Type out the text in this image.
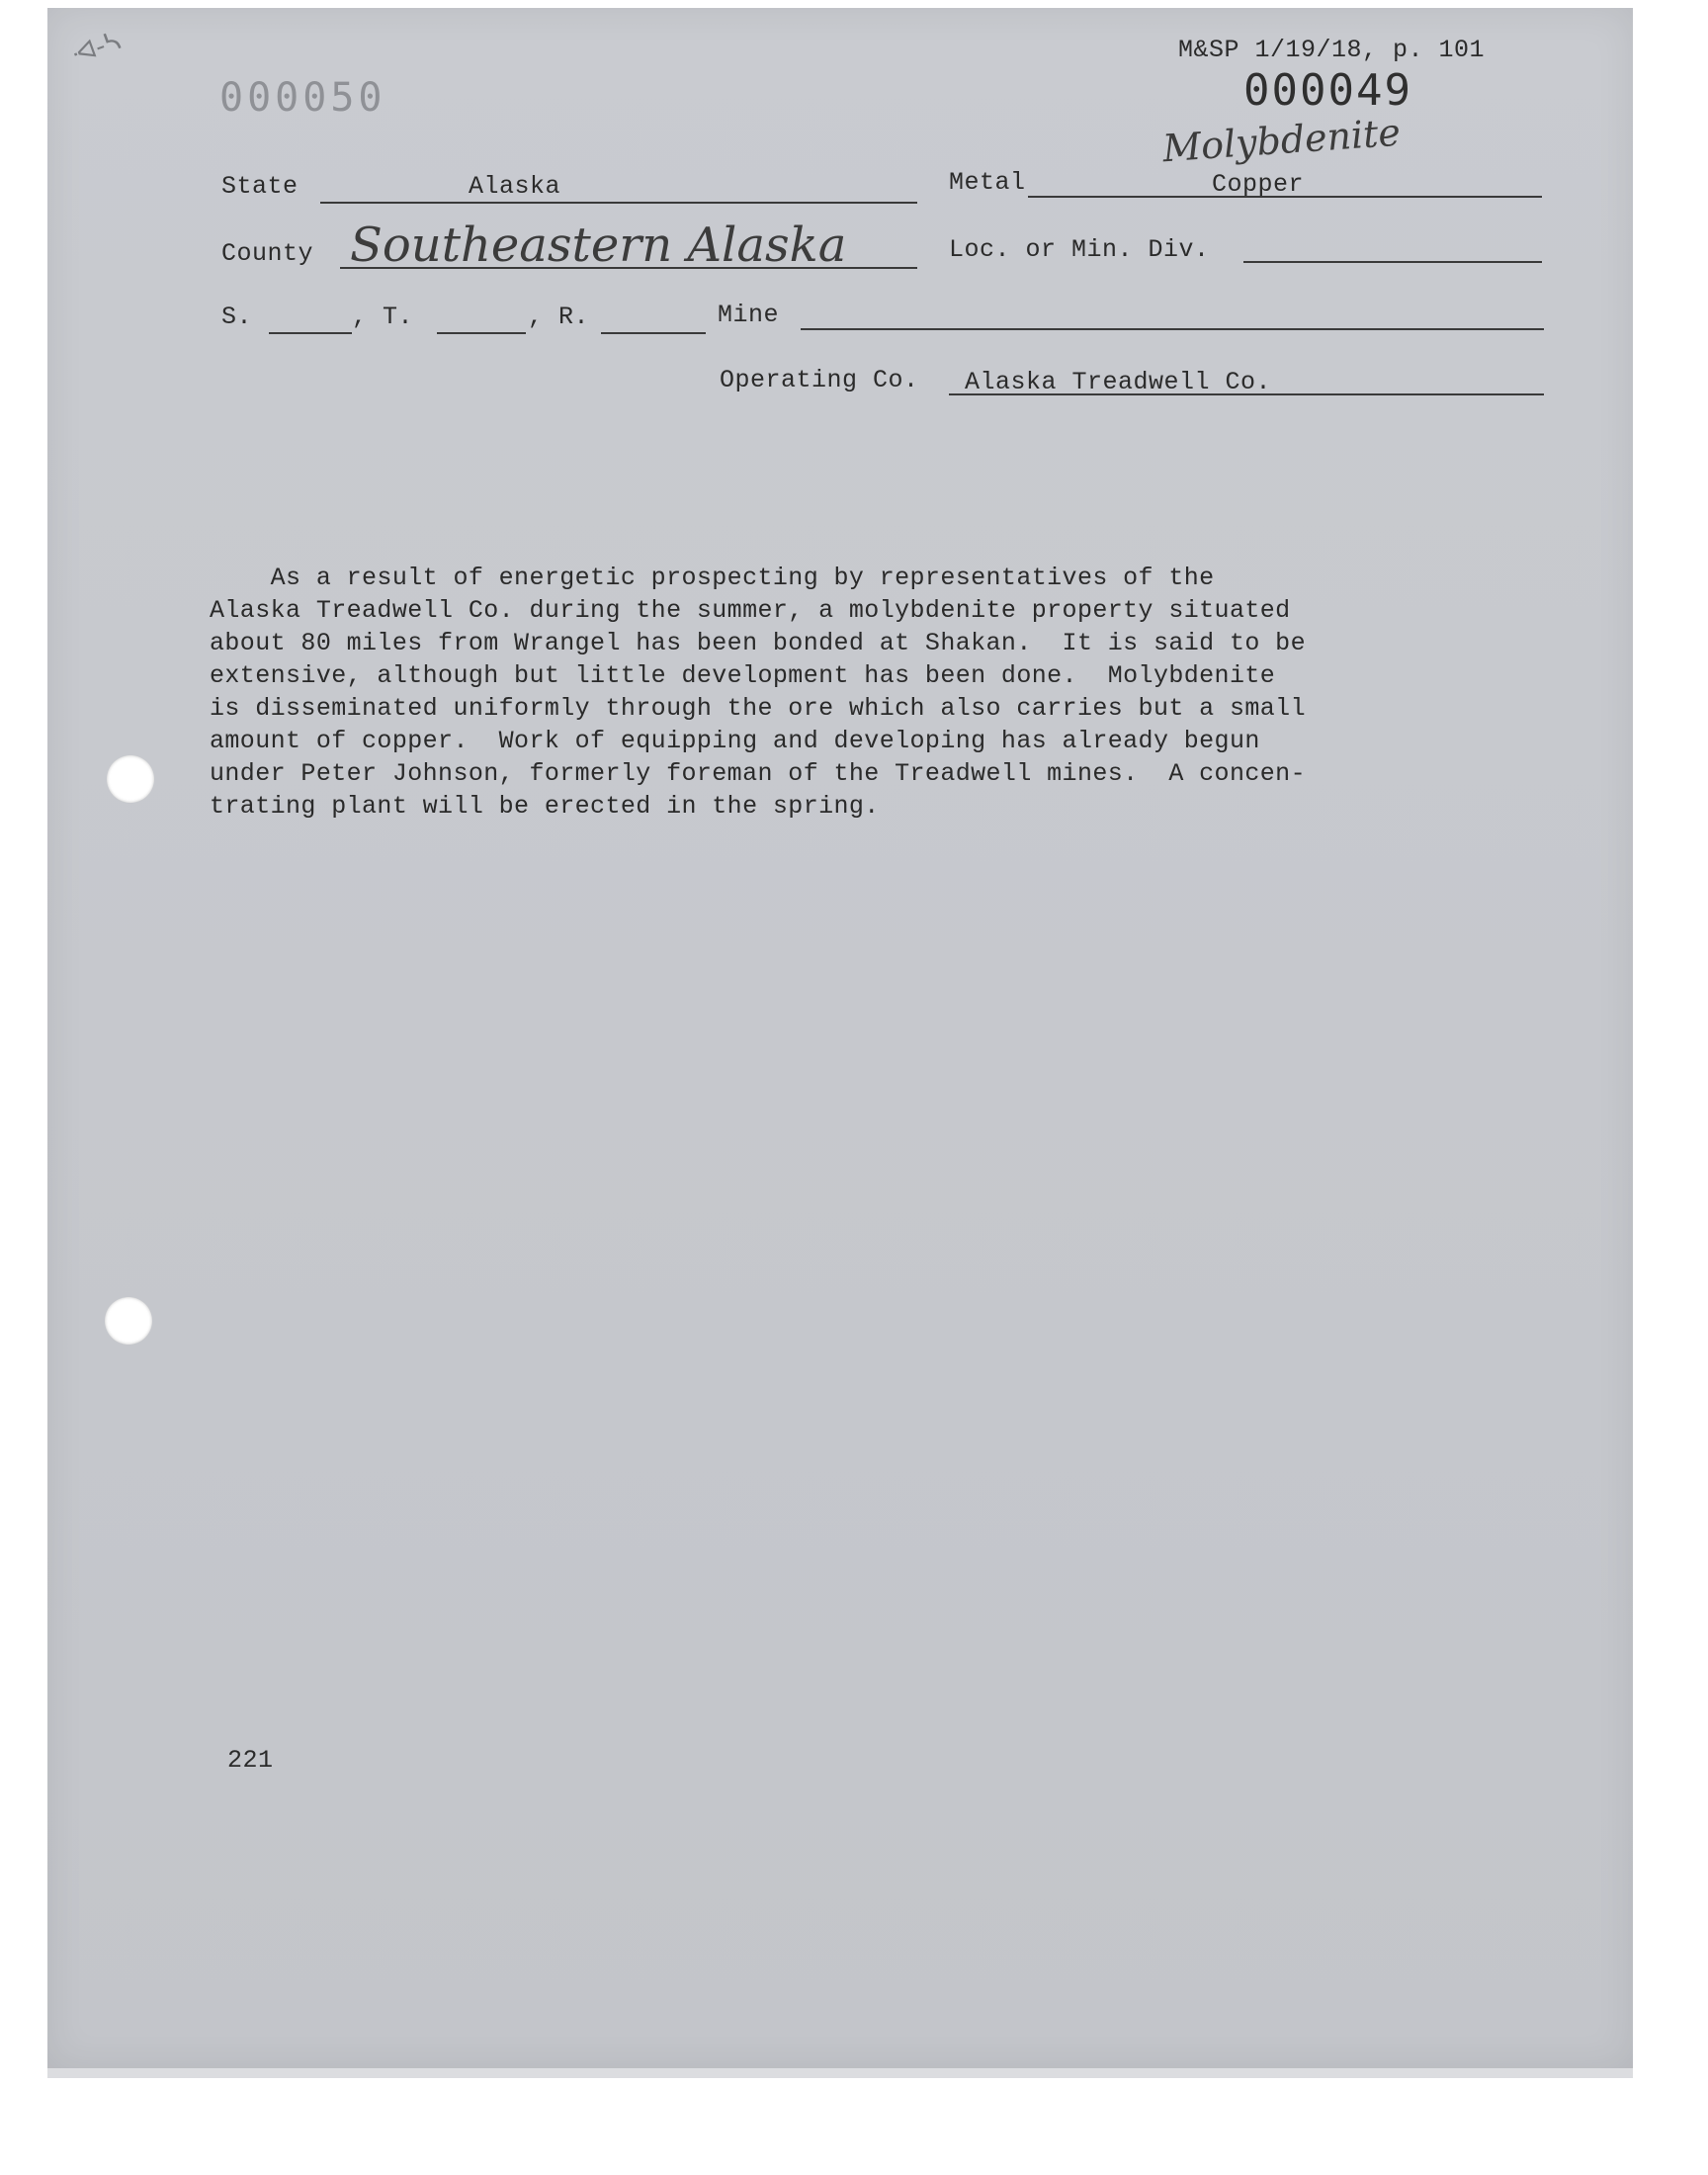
ᐗ-ᓴ
000050
M&SP 1/19/18, p. 101
000049
Molybdenite
State	Alaska	Metal	Copper
County Southeastern Alaska	Loc. or Min. Div.
S.	, T.	, R.	Mine
Operating Co. Alaska Treadwell Co.
As a result of energetic prospecting by representatives of the
Alaska Treadwell Co. during the summer, a molybdenite property situated
about 80 miles from Wrangel has been bonded at Shakan.  It is said to be
extensive, although but little development has been done.  Molybdenite
is disseminated uniformly through the ore which also carries but a small
amount of copper.  Work of equipping and developing has already begun
under Peter Johnson, formerly foreman of the Treadwell mines.  A concen-
trating plant will be erected in the spring.
221
